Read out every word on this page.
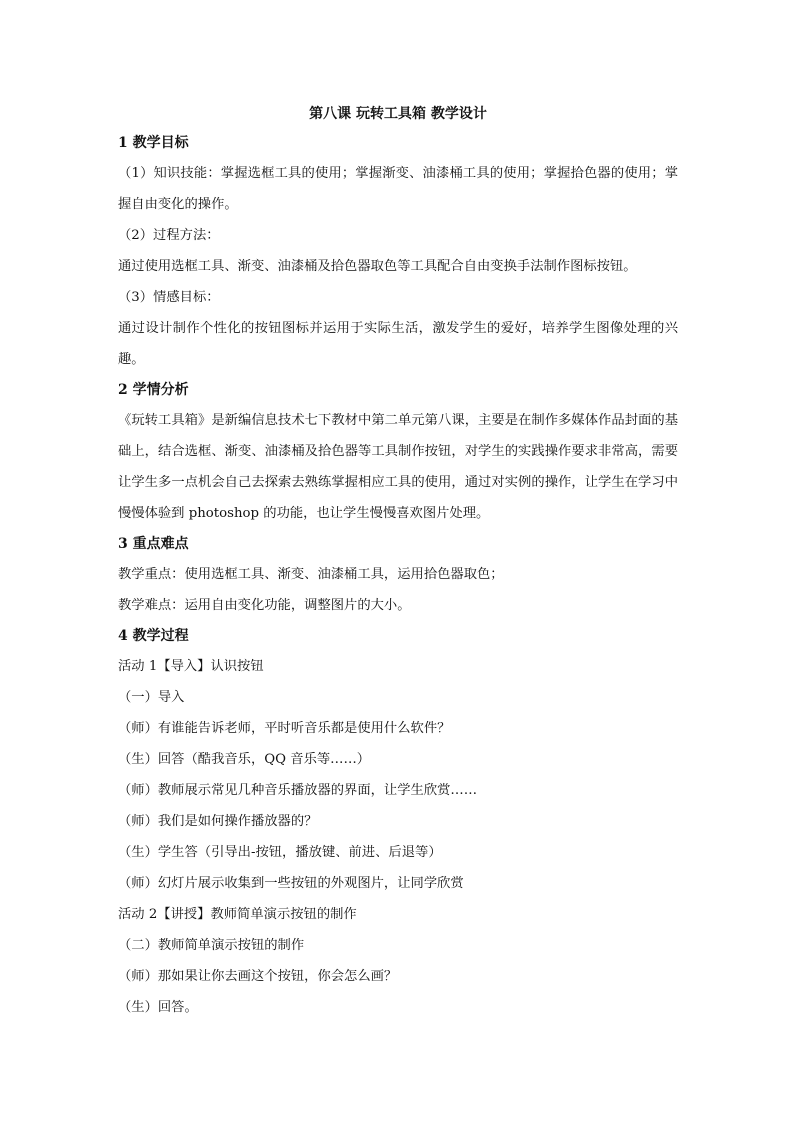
第八课 玩转工具箱 教学设计
1 教学目标
（1）知识技能：掌握选框工具的使用；掌握渐变、油漆桶工具的使用；掌握拾色器的使用；掌握自由变化的操作。
（2）过程方法：
通过使用选框工具、渐变、油漆桶及拾色器取色等工具配合自由变换手法制作图标按钮。
（3）情感目标：
通过设计制作个性化的按钮图标并运用于实际生活，激发学生的爱好，培养学生图像处理的兴趣。
2 学情分析
《玩转工具箱》是新编信息技术七下教材中第二单元第八课，主要是在制作多媒体作品封面的基础上，结合选框、渐变、油漆桶及拾色器等工具制作按钮，对学生的实践操作要求非常高，需要让学生多一点机会自己去探索去熟练掌握相应工具的使用，通过对实例的操作，让学生在学习中慢慢体验到 photoshop 的功能，也让学生慢慢喜欢图片处理。
3 重点难点
教学重点：使用选框工具、渐变、油漆桶工具，运用拾色器取色；
教学难点：运用自由变化功能，调整图片的大小。
4 教学过程
活动 1【导入】认识按钮
（一）导入
（师）有谁能告诉老师，平时听音乐都是使用什么软件？
（生）回答（酷我音乐，QQ 音乐等……）
（师）教师展示常见几种音乐播放器的界面，让学生欣赏……
（师）我们是如何操作播放器的？
（生）学生答（引导出-按钮，播放键、前进、后退等）
（师）幻灯片展示收集到一些按钮的外观图片，让同学欣赏
活动 2【讲授】教师简单演示按钮的制作
（二）教师简单演示按钮的制作
（师）那如果让你去画这个按钮，你会怎么画？
（生）回答。
